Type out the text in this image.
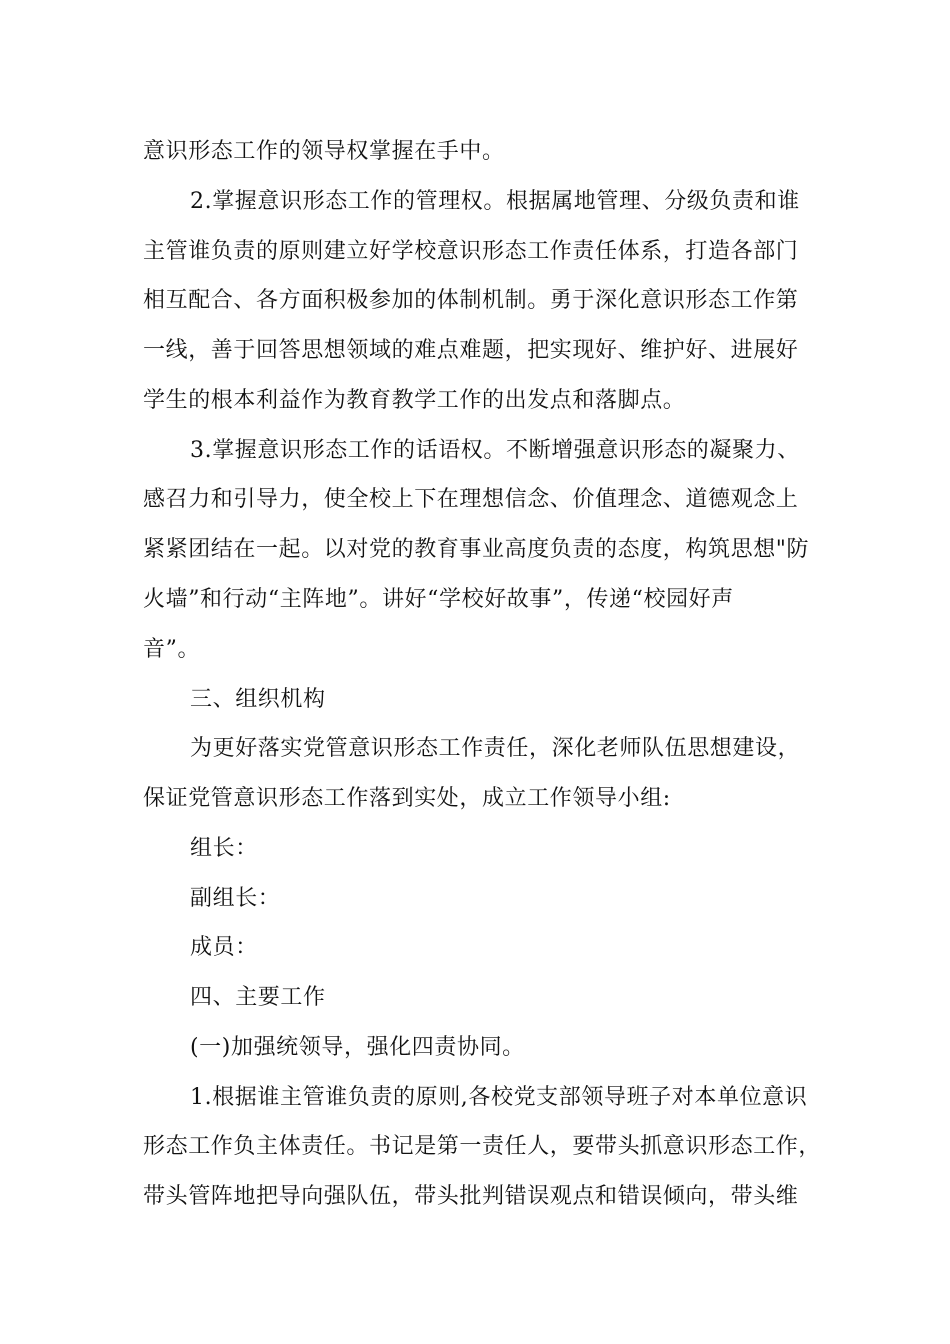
意识形态工作的领导权掌握在手中。
2.掌握意识形态工作的管理权。根据属地管理、分级负责和谁
主管谁负责的原则建立好学校意识形态工作责任体系，打造各部门
相互配合、各方面积极参加的体制机制。勇于深化意识形态工作第
一线，善于回答思想领域的难点难题，把实现好、维护好、进展好
学生的根本利益作为教育教学工作的出发点和落脚点。
3.掌握意识形态工作的话语权。不断增强意识形态的凝聚力、
感召力和引导力，使全校上下在理想信念、价值理念、道德观念上
紧紧团结在一起。以对党的教育事业高度负责的态度，构筑思想"防
火墙”和行动“主阵地”。讲好“学校好故事”，传递“校园好声
音”。
三、组织机构
为更好落实党管意识形态工作责任，深化老师队伍思想建设，
保证党管意识形态工作落到实处，成立工作领导小组:
组长：
副组长：
成员：
四、主要工作
(一)加强统领导，强化四责协同。
1.根据谁主管谁负责的原则,各校党支部领导班子对本单位意识
形态工作负主体责任。书记是第一责任人，要带头抓意识形态工作，
带头管阵地把导向强队伍，带头批判错误观点和错误倾向，带头维
